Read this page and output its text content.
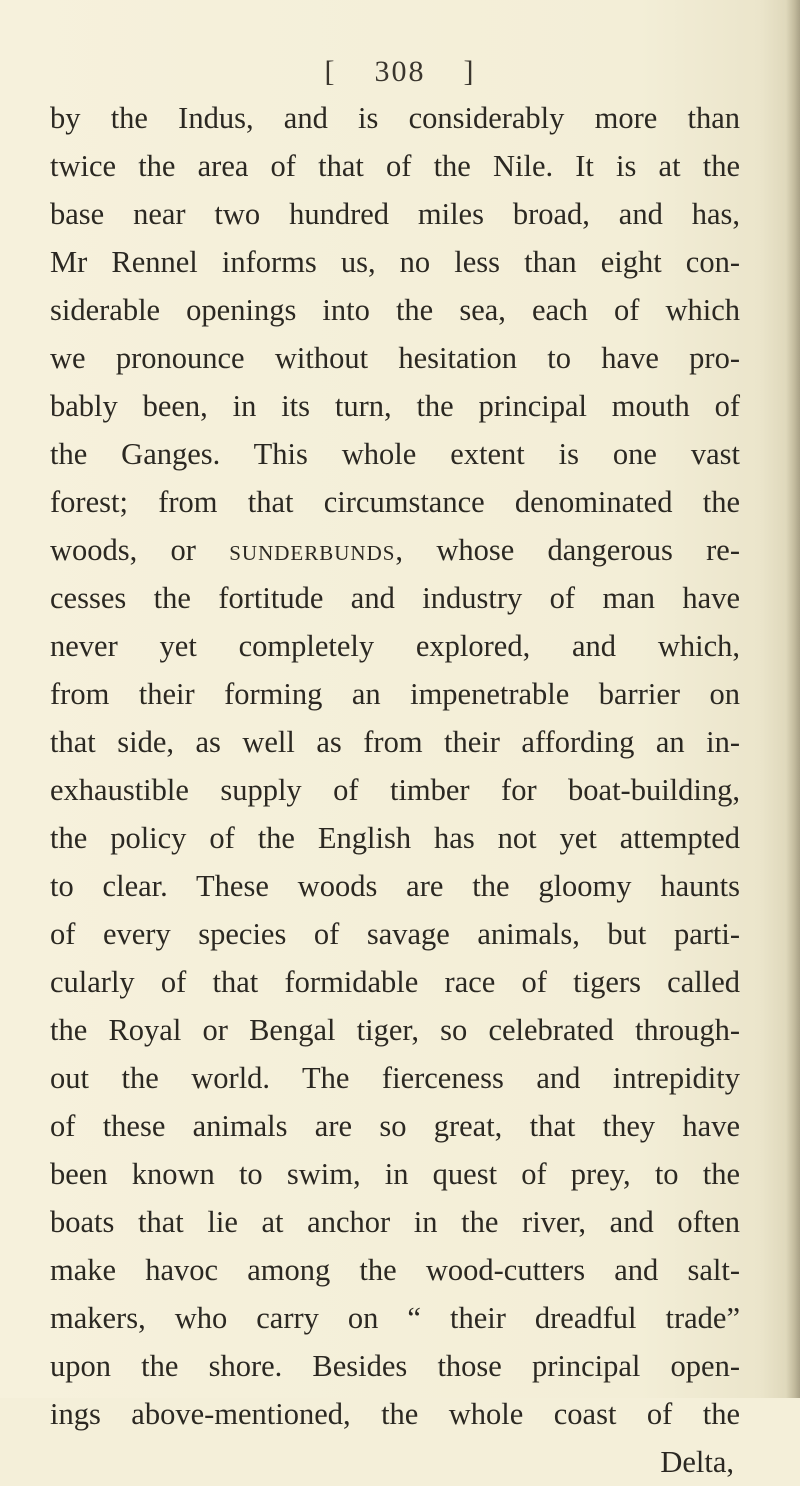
[ 308 ]
by the Indus, and is considerably more than
twice the area of that of the Nile. It is at the
base near two hundred miles broad, and has,
Mr Rennel informs us, no less than eight con-
siderable openings into the sea, each of which
we pronounce without hesitation to have pro-
bably been, in its turn, the principal mouth of
the Ganges. This whole extent is one vast
forest; from that circumstance denominated the
woods, or sunderbunds, whose dangerous re-
cesses the fortitude and industry of man have
never yet completely explored, and which,
from their forming an impenetrable barrier on
that side, as well as from their affording an in-
exhaustible supply of timber for boat-building,
the policy of the English has not yet attempted
to clear. These woods are the gloomy haunts
of every species of savage animals, but parti-
cularly of that formidable race of tigers called
the Royal or Bengal tiger, so celebrated through-
out the world. The fierceness and intrepidity
of these animals are so great, that they have
been known to swim, in quest of prey, to the
boats that lie at anchor in the river, and often
make havoc among the wood-cutters and salt-
makers, who carry on “ their dreadful trade”
upon the shore. Besides those principal open-
ings above-mentioned, the whole coast of the
Delta,
